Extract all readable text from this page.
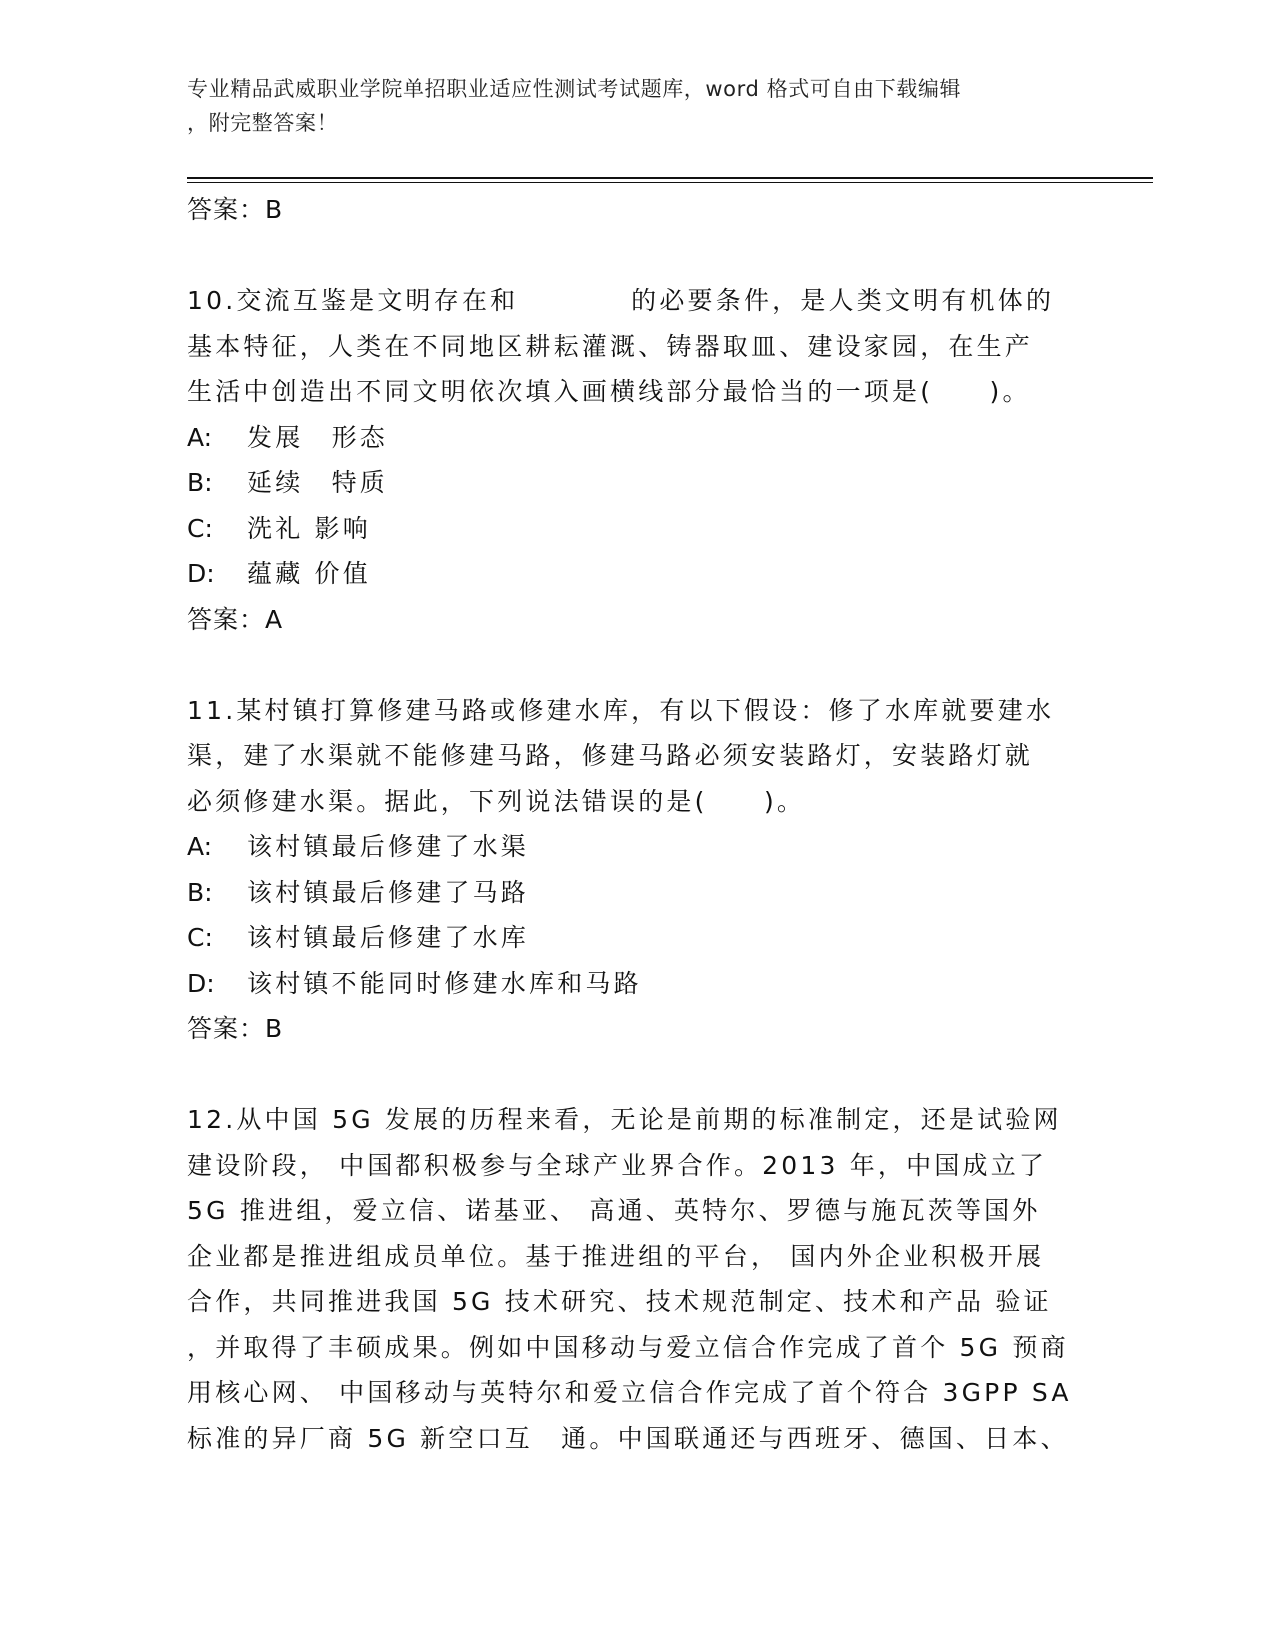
专业精品武威职业学院单招职业适应性测试考试题库，word 格式可自由下载编辑
，附完整答案！
答案：B
10.交流互鉴是文明存在和　　　　的必要条件，是人类文明有机体的
基本特征，人类在不同地区耕耘灌溉、铸器取皿、建设家园，在生产
生活中创造出不同文明依次填入画横线部分最恰当的一项是(　　)。
A: 发展　形态
B: 延续　特质
C: 洗礼 影响
D: 蕴藏 价值
答案：A
11.某村镇打算修建马路或修建水库，有以下假设：修了水库就要建水
渠，建了水渠就不能修建马路，修建马路必须安装路灯，安装路灯就
必须修建水渠。据此，下列说法错误的是(　　)。
A: 该村镇最后修建了水渠
B: 该村镇最后修建了马路
C: 该村镇最后修建了水库
D: 该村镇不能同时修建水库和马路
答案：B
12.从中国 5G 发展的历程来看，无论是前期的标准制定，还是试验网
建设阶段， 中国都积极参与全球产业界合作。2013 年，中国成立了
5G 推进组，爱立信、诺基亚、 高通、英特尔、罗德与施瓦茨等国外
企业都是推进组成员单位。基于推进组的平台， 国内外企业积极开展
合作，共同推进我国 5G 技术研究、技术规范制定、技术和产品 验证
，并取得了丰硕成果。例如中国移动与爱立信合作完成了首个 5G 预商
用核心网、 中国移动与英特尔和爱立信合作完成了首个符合 3GPP SA
标准的异厂商 5G 新空口互　通。中国联通还与西班牙、德国、日本、
